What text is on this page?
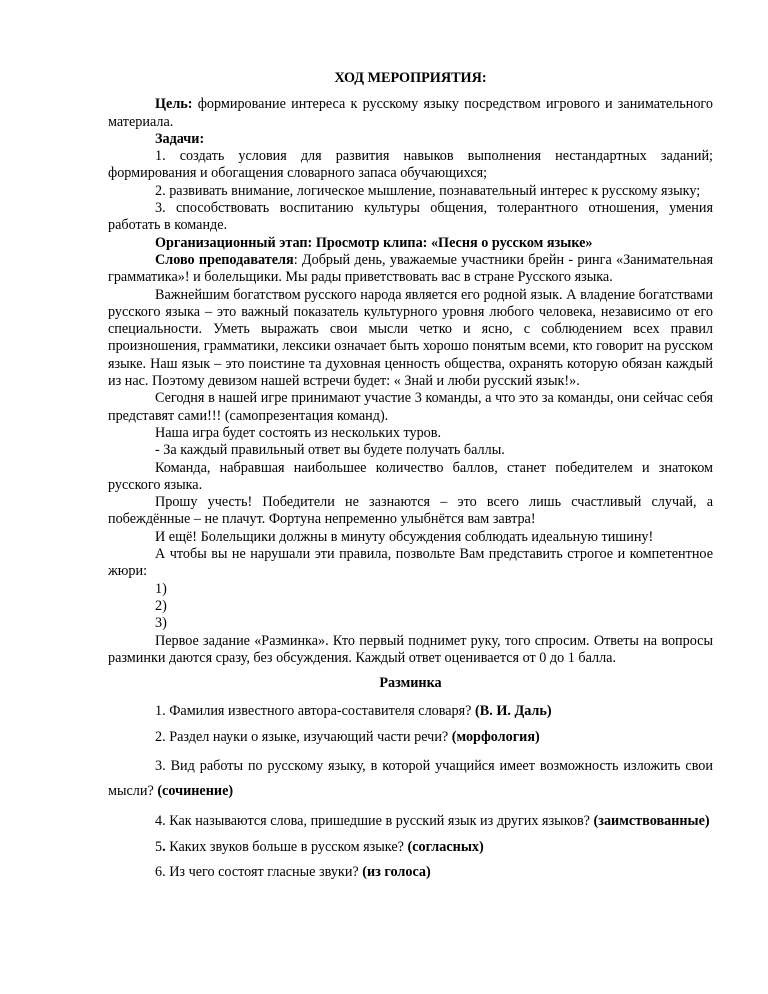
ХОД МЕРОПРИЯТИЯ:

Цель: формирование интереса к русскому языку посредством игрового и занимательного материала.

Задачи:

1. создать условия для развития навыков выполнения нестандартных заданий; формирования и обогащения словарного запаса обучающихся;

2. развивать внимание, логическое мышление, познавательный интерес к русскому языку;

3. способствовать воспитанию культуры общения, толерантного отношения, умения работать в команде.

Организационный этап: Просмотр клипа: «Песня о русском языке»

Слово преподавателя: Добрый день, уважаемые участники брейн - ринга «Занимательная грамматика»! и болельщики. Мы рады приветствовать вас в стране Русского языка.

Важнейшим богатством русского народа является его родной язык. А владение богатствами русского языка – это важный показатель культурного уровня любого человека, независимо от его специальности. Уметь выражать свои мысли четко и ясно, с соблюдением всех правил произношения, грамматики, лексики означает быть хорошо понятым всеми, кто говорит на русском языке. Наш язык – это поистине та духовная ценность общества, охранять которую обязан каждый из нас. Поэтому девизом нашей встречи будет: « Знай и люби русский язык!».

Сегодня в нашей игре принимают участие 3 команды, а что это за команды, они сейчас себя представят сами!!! (самопрезентация команд).

Наша игра будет состоять из нескольких туров.

- За каждый правильный ответ вы будете получать баллы.

Команда, набравшая наибольшее количество баллов, станет победителем и знатоком русского языка.

Прошу учесть! Победители не зазнаются – это всего лишь счастливый случай, а побеждённые – не плачут. Фортуна непременно улыбнётся вам завтра!

И ещё! Болельщики должны в минуту обсуждения соблюдать идеальную тишину!

А чтобы вы не нарушали эти правила, позвольте Вам представить строгое и компетентное жюри:

1)

2)

3)

Первое задание «Разминка». Кто первый поднимет руку, того спросим. Ответы на вопросы разминки даются сразу, без обсуждения. Каждый ответ оценивается от 0 до 1 балла.

Разминка

1. Фамилия известного автора-составителя словаря? (В. И. Даль)

2. Раздел науки о языке, изучающий части речи? (морфология)

3. Вид работы по русскому языку, в которой учащийся имеет возможность изложить свои мысли? (сочинение)

4. Как называются слова, пришедшие в русский язык из других языков? (заимствованные)

5. Каких звуков больше в русском языке? (согласных)

6. Из чего состоят гласные звуки? (из голоса)
